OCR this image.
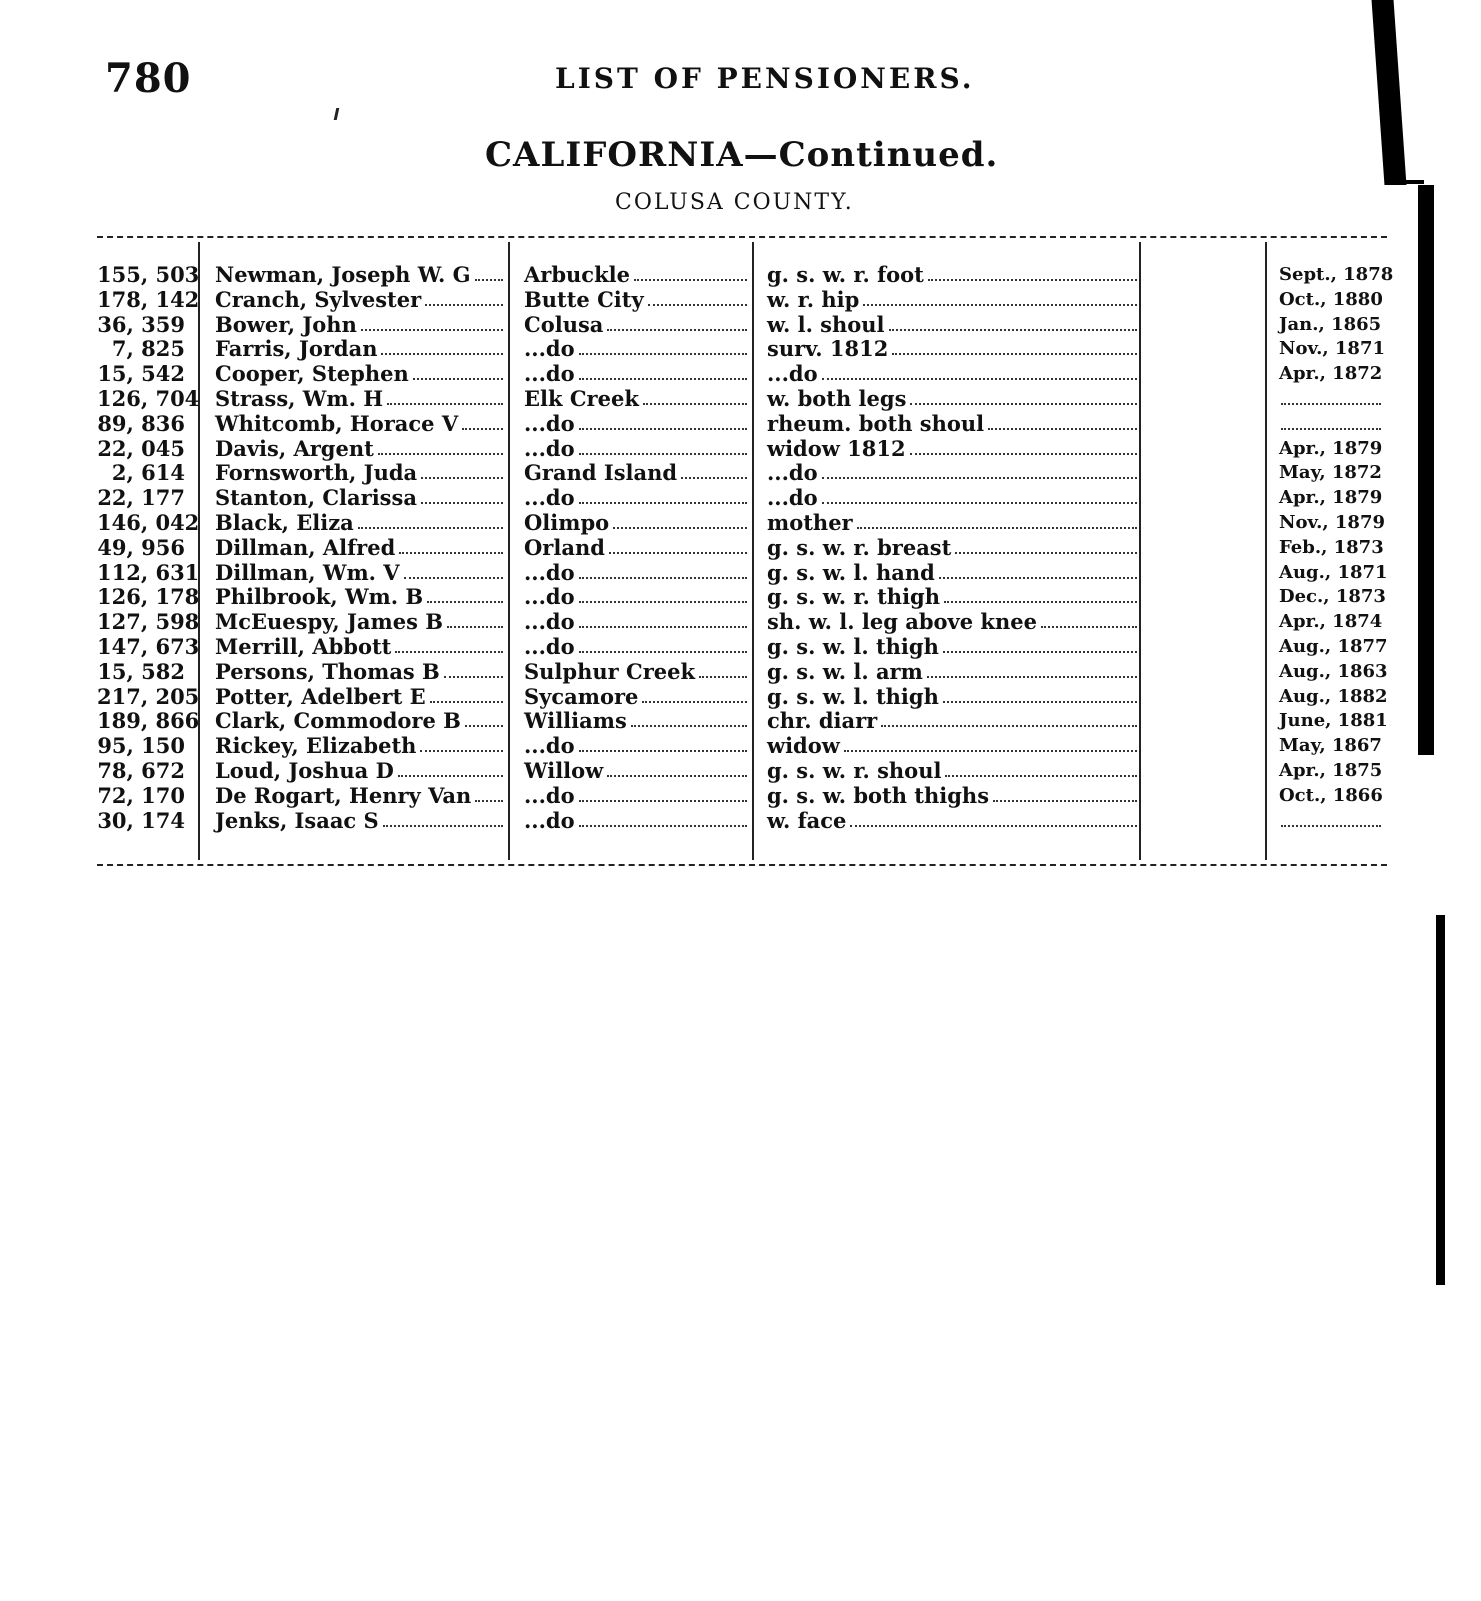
780	LIST OF PENSIONERS.
CALIFORNIA—Continued.
COLUSA COUNTY.
155, 503 Newman, Joseph W. G	Arbuckle	g. s. w. r. foot	Sept., 1878
178, 142 Cranch, Sylvester	Butte City	w. r. hip	Oct., 1880
36, 359 Bower, John	Colusa	w. l. shoul	Jan., 1865
7, 825 Farris, Jordan	...do	surv. 1812	Nov., 1871
15, 542 Cooper, Stephen	...do	...do	Apr., 1872
126, 704 Strass, Wm. H	Elk Creek	w. both legs
89, 836 Whitcomb, Horace V	...do	rheum. both shoul
22, 045 Davis, Argent	...do	widow 1812	Apr., 1879
2, 614 Fornsworth, Juda	Grand Island	...do	May, 1872
22, 177 Stanton, Clarissa	...do	...do	Apr., 1879
146, 042 Black, Eliza	Olimpo	mother	Nov., 1879
49, 956 Dillman, Alfred	Orland	g. s. w. r. breast	Feb., 1873
112, 631 Dillman, Wm. V	...do	g. s. w. l. hand	Aug., 1871
126, 178 Philbrook, Wm. B	...do	g. s. w. r. thigh	Dec., 1873
127, 598 McEuespy, James B	...do	sh. w. l. leg above knee	Apr., 1874
147, 673 Merrill, Abbott	...do	g. s. w. l. thigh	Aug., 1877
15, 582 Persons, Thomas B	Sulphur Creek	g. s. w. l. arm	Aug., 1863
217, 205 Potter, Adelbert E	Sycamore	g. s. w. l. thigh	Aug., 1882
189, 866 Clark, Commodore B	Williams	chr. diarr	June, 1881
95, 150 Rickey, Elizabeth	...do	widow	May, 1867
78, 672 Loud, Joshua D	Willow	g. s. w. r. shoul	Apr., 1875
72, 170 De Rogart, Henry Van	...do	g. s. w. both thighs	Oct., 1866
30, 174 Jenks, Isaac S	...do	w. face
